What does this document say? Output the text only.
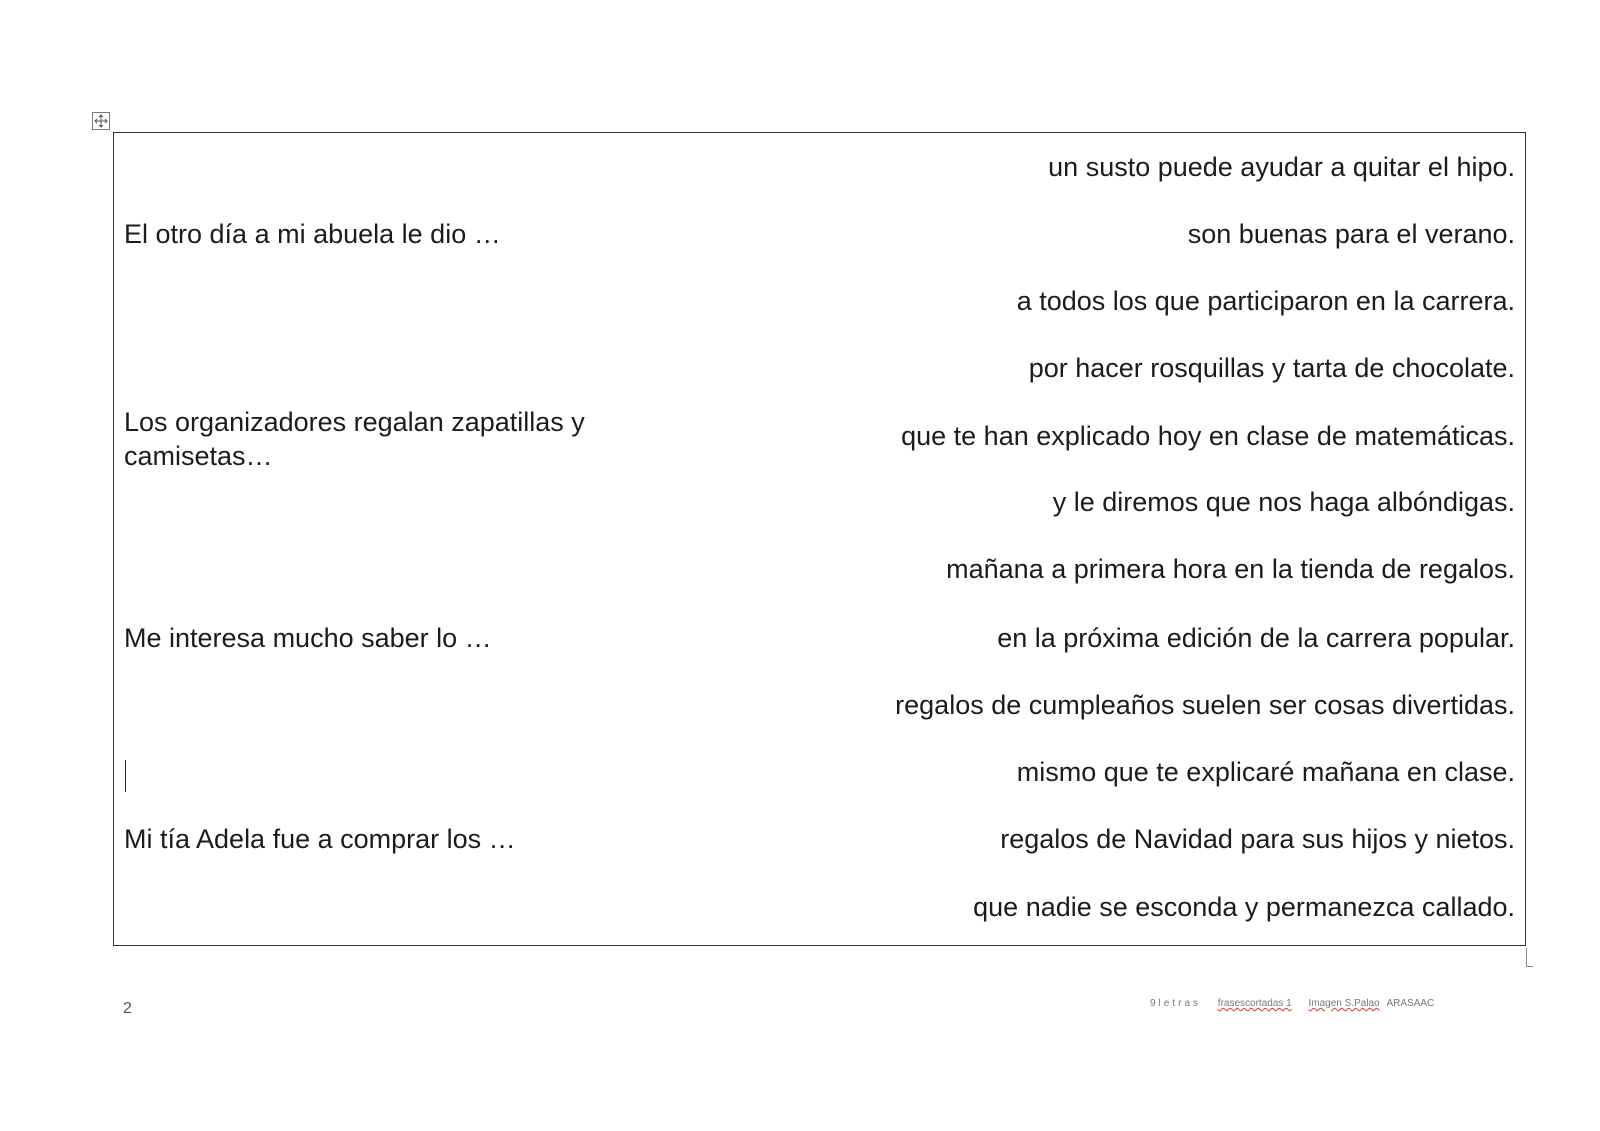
un susto puede ayudar a quitar el hipo.
son buenas para el verano.
a todos los que participaron en la carrera.
por hacer rosquillas y tarta de chocolate.
que te han explicado hoy en clase de matemáticas.
y le diremos que nos haga albóndigas.
mañana a primera hora en la tienda de regalos.
en la próxima edición de la carrera popular.
regalos de cumpleaños suelen ser cosas divertidas.
mismo que te explicaré mañana en clase.
regalos de Navidad para sus hijos y nietos.
que nadie se esconda y permanezca callado.
El otro día a mi abuela le dio …
Los organizadores regalan zapatillas y camisetas…
Me interesa mucho saber lo …
Mi tía Adela fue a comprar los …
2	9letras frasescortadas 1 Imagen S.Palao ARASAAC
